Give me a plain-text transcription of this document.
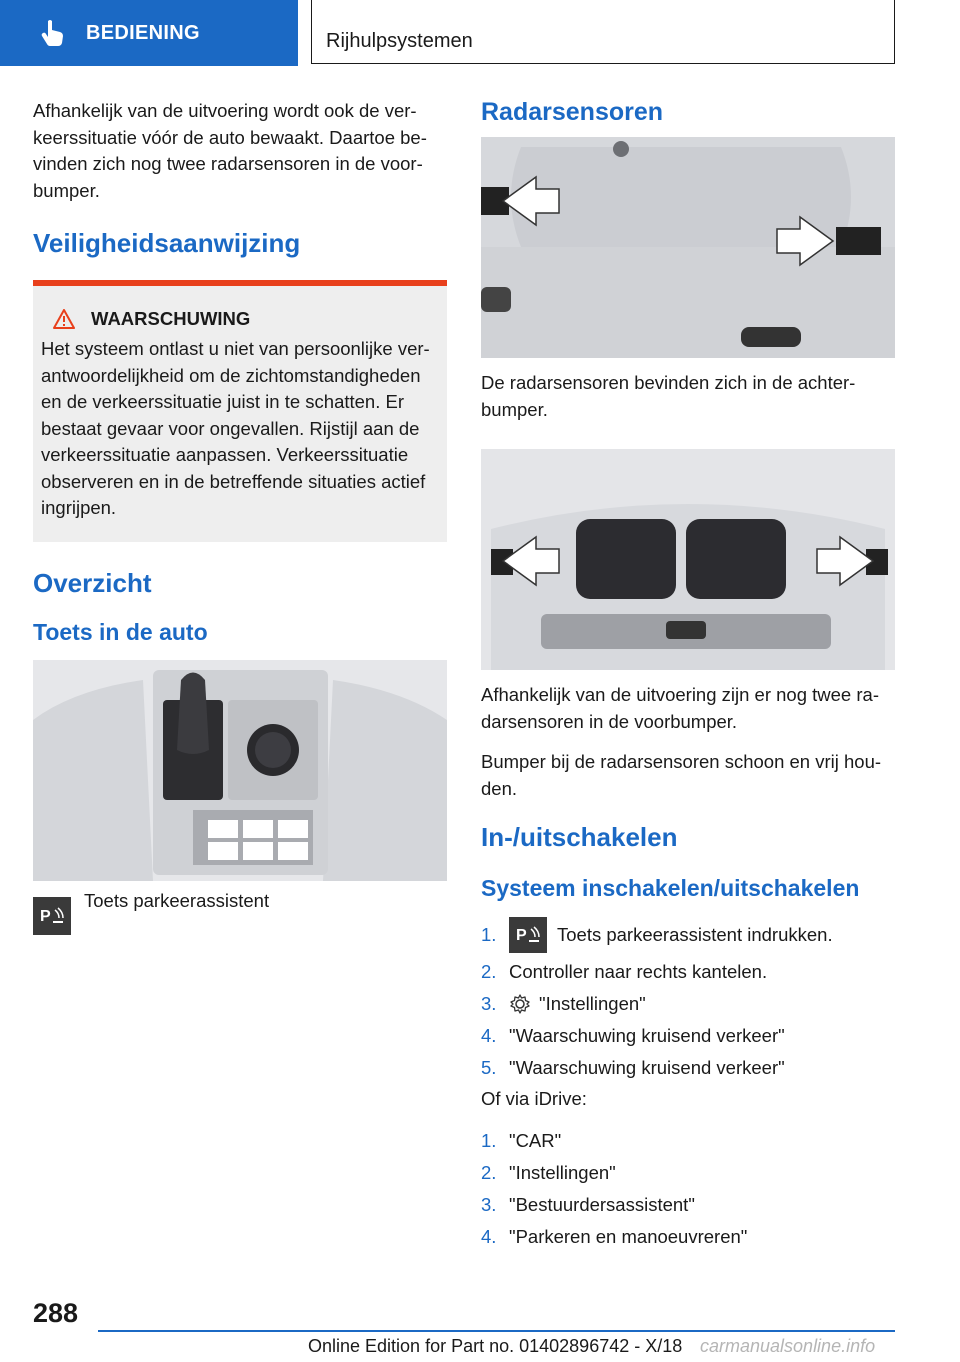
BEDIENING	Rijhulpsystemen

Afhankelijk van de uitvoering wordt ook de verkeerssituatie vóór de auto bewaakt. Daartoe bevinden zich nog twee radarsensoren in de voorbumper.

Veiligheidsaanwijzing
WAARSCHUWING

Het systeem ontlast u niet van persoonlijke verantwoordelijkheid om de zichtomstandigheden en de verkeerssituatie juist in te schatten. Er bestaat gevaar voor ongevallen. Rijstijl aan de verkeerssituatie aanpassen. Verkeerssituatie observeren en in de betreffende situaties actief ingrijpen.

Overzicht
Toets in de auto
P
Toets parkeerassistent
Radarsensoren

De radarsensoren bevinden zich in de achterbumper.

Afhankelijk van de uitvoering zijn er nog twee radarsensoren in de voorbumper.

Bumper bij de radarsensoren schoon en vrij houden.

In-/uitschakelen
Systeem inschakelen/uitschakelen
1.	P Toets parkeerassistent indrukken.
2. Controller naar rechts kantelen.
3.	"Instellingen"
4. "Waarschuwing kruisend verkeer"
5. "Waarschuwing kruisend verkeer"

Of via iDrive:

1. "CAR"
2. "Instellingen"
3. "Bestuurdersassistent"
4. "Parkeren en manoeuvreren"
288
Online Edition for Part no. 01402896742 - X/18 carmanualsonline.info
